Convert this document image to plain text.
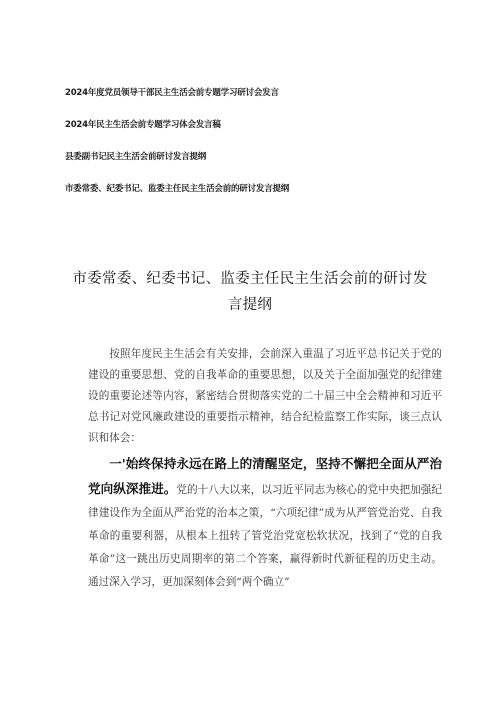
2024年度党员领导干部民主生活会前专题学习研讨会发言
2024年民主生活会前专题学习体会发言稿
县委副书记民主生活会前研讨发言提纲
市委常委、纪委书记、监委主任民主生活会前的研讨发言提纲
市委常委、纪委书记、监委主任民主生活会前的研讨发言提纲

按照年度民主生活会有关安排，会前深入重温了习近平总书记关于党的建设的重要思想、党的自我革命的重要思想，以及关于全面加强党的纪律建设的重要论述等内容，紧密结合贯彻落实党的二十届三中全会精神和习近平总书记对党风廉政建设的重要指示精神，结合纪检监察工作实际，谈三点认识和体会：

一'始终保持永远在路上的清醒坚定，坚持不懈把全面从严治党向纵深推进。党的十八大以来，以习近平同志为核心的党中央把加强纪律建设作为全面从严治党的治本之策，“六项纪律”成为从严管党治党、自我革命的重要利器，从根本上扭转了管党治党宽松软状况，找到了“党的自我革命”这一跳出历史周期率的第二个答案，赢得新时代新征程的历史主动。通过深入学习，更加深刻体会到“两个确立”
